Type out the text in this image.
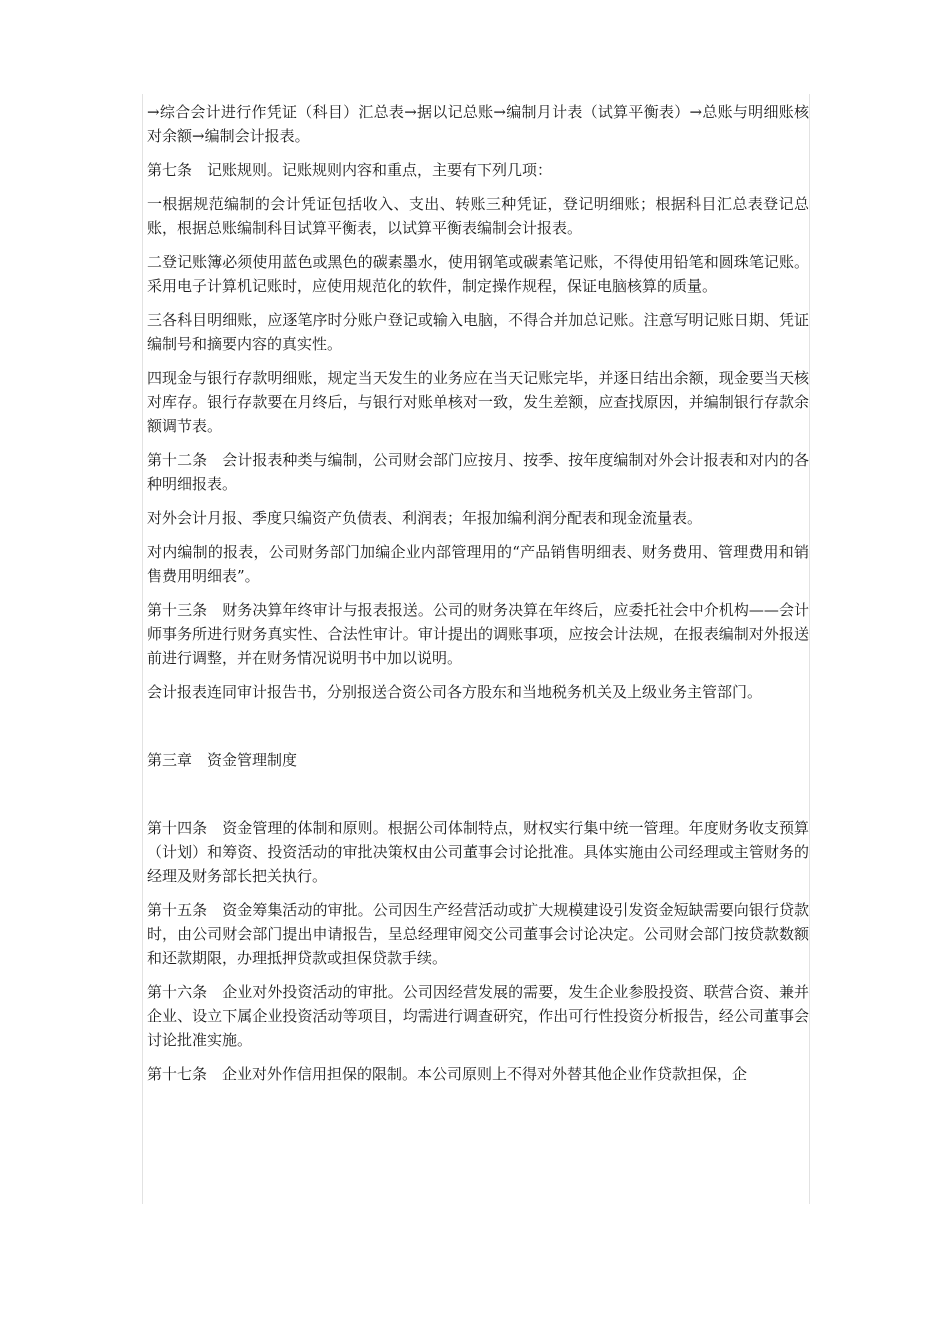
→综合会计进行作凭证（科目）汇总表→据以记总账→编制月计表（试算平衡表）→总账与明细账核对余额→编制会计报表。

第七条　记账规则。记账规则内容和重点，主要有下列几项：

一根据规范编制的会计凭证包括收入、支出、转账三种凭证，登记明细账；根据科目汇总表登记总账，根据总账编制科目试算平衡表，以试算平衡表编制会计报表。

二登记账簿必须使用蓝色或黑色的碳素墨水，使用钢笔或碳素笔记账，不得使用铅笔和圆珠笔记账。采用电子计算机记账时，应使用规范化的软件，制定操作规程，保证电脑核算的质量。

三各科目明细账，应逐笔序时分账户登记或输入电脑，不得合并加总记账。注意写明记账日期、凭证编制号和摘要内容的真实性。

四现金与银行存款明细账，规定当天发生的业务应在当天记账完毕，并逐日结出余额，现金要当天核对库存。银行存款要在月终后，与银行对账单核对一致，发生差额，应查找原因，并编制银行存款余额调节表。

第十二条　会计报表种类与编制，公司财会部门应按月、按季、按年度编制对外会计报表和对内的各种明细报表。

对外会计月报、季度只编资产负债表、利润表；年报加编利润分配表和现金流量表。

对内编制的报表，公司财务部门加编企业内部管理用的“产品销售明细表、财务费用、管理费用和销售费用明细表”。

第十三条　财务决算年终审计与报表报送。公司的财务决算在年终后，应委托社会中介机构——会计师事务所进行财务真实性、合法性审计。审计提出的调账事项，应按会计法规，在报表编制对外报送前进行调整，并在财务情况说明书中加以说明。

会计报表连同审计报告书，分别报送合资公司各方股东和当地税务机关及上级业务主管部门。

第三章　资金管理制度

第十四条　资金管理的体制和原则。根据公司体制特点，财权实行集中统一管理。年度财务收支预算（计划）和筹资、投资活动的审批决策权由公司董事会讨论批准。具体实施由公司经理或主管财务的经理及财务部长把关执行。

第十五条　资金筹集活动的审批。公司因生产经营活动或扩大规模建设引发资金短缺需要向银行贷款时，由公司财会部门提出申请报告，呈总经理审阅交公司董事会讨论决定。公司财会部门按贷款数额和还款期限，办理抵押贷款或担保贷款手续。

第十六条　企业对外投资活动的审批。公司因经营发展的需要，发生企业参股投资、联营合资、兼并企业、设立下属企业投资活动等项目，均需进行调查研究，作出可行性投资分析报告，经公司董事会讨论批准实施。

第十七条　企业对外作信用担保的限制。本公司原则上不得对外替其他企业作贷款担保，企
